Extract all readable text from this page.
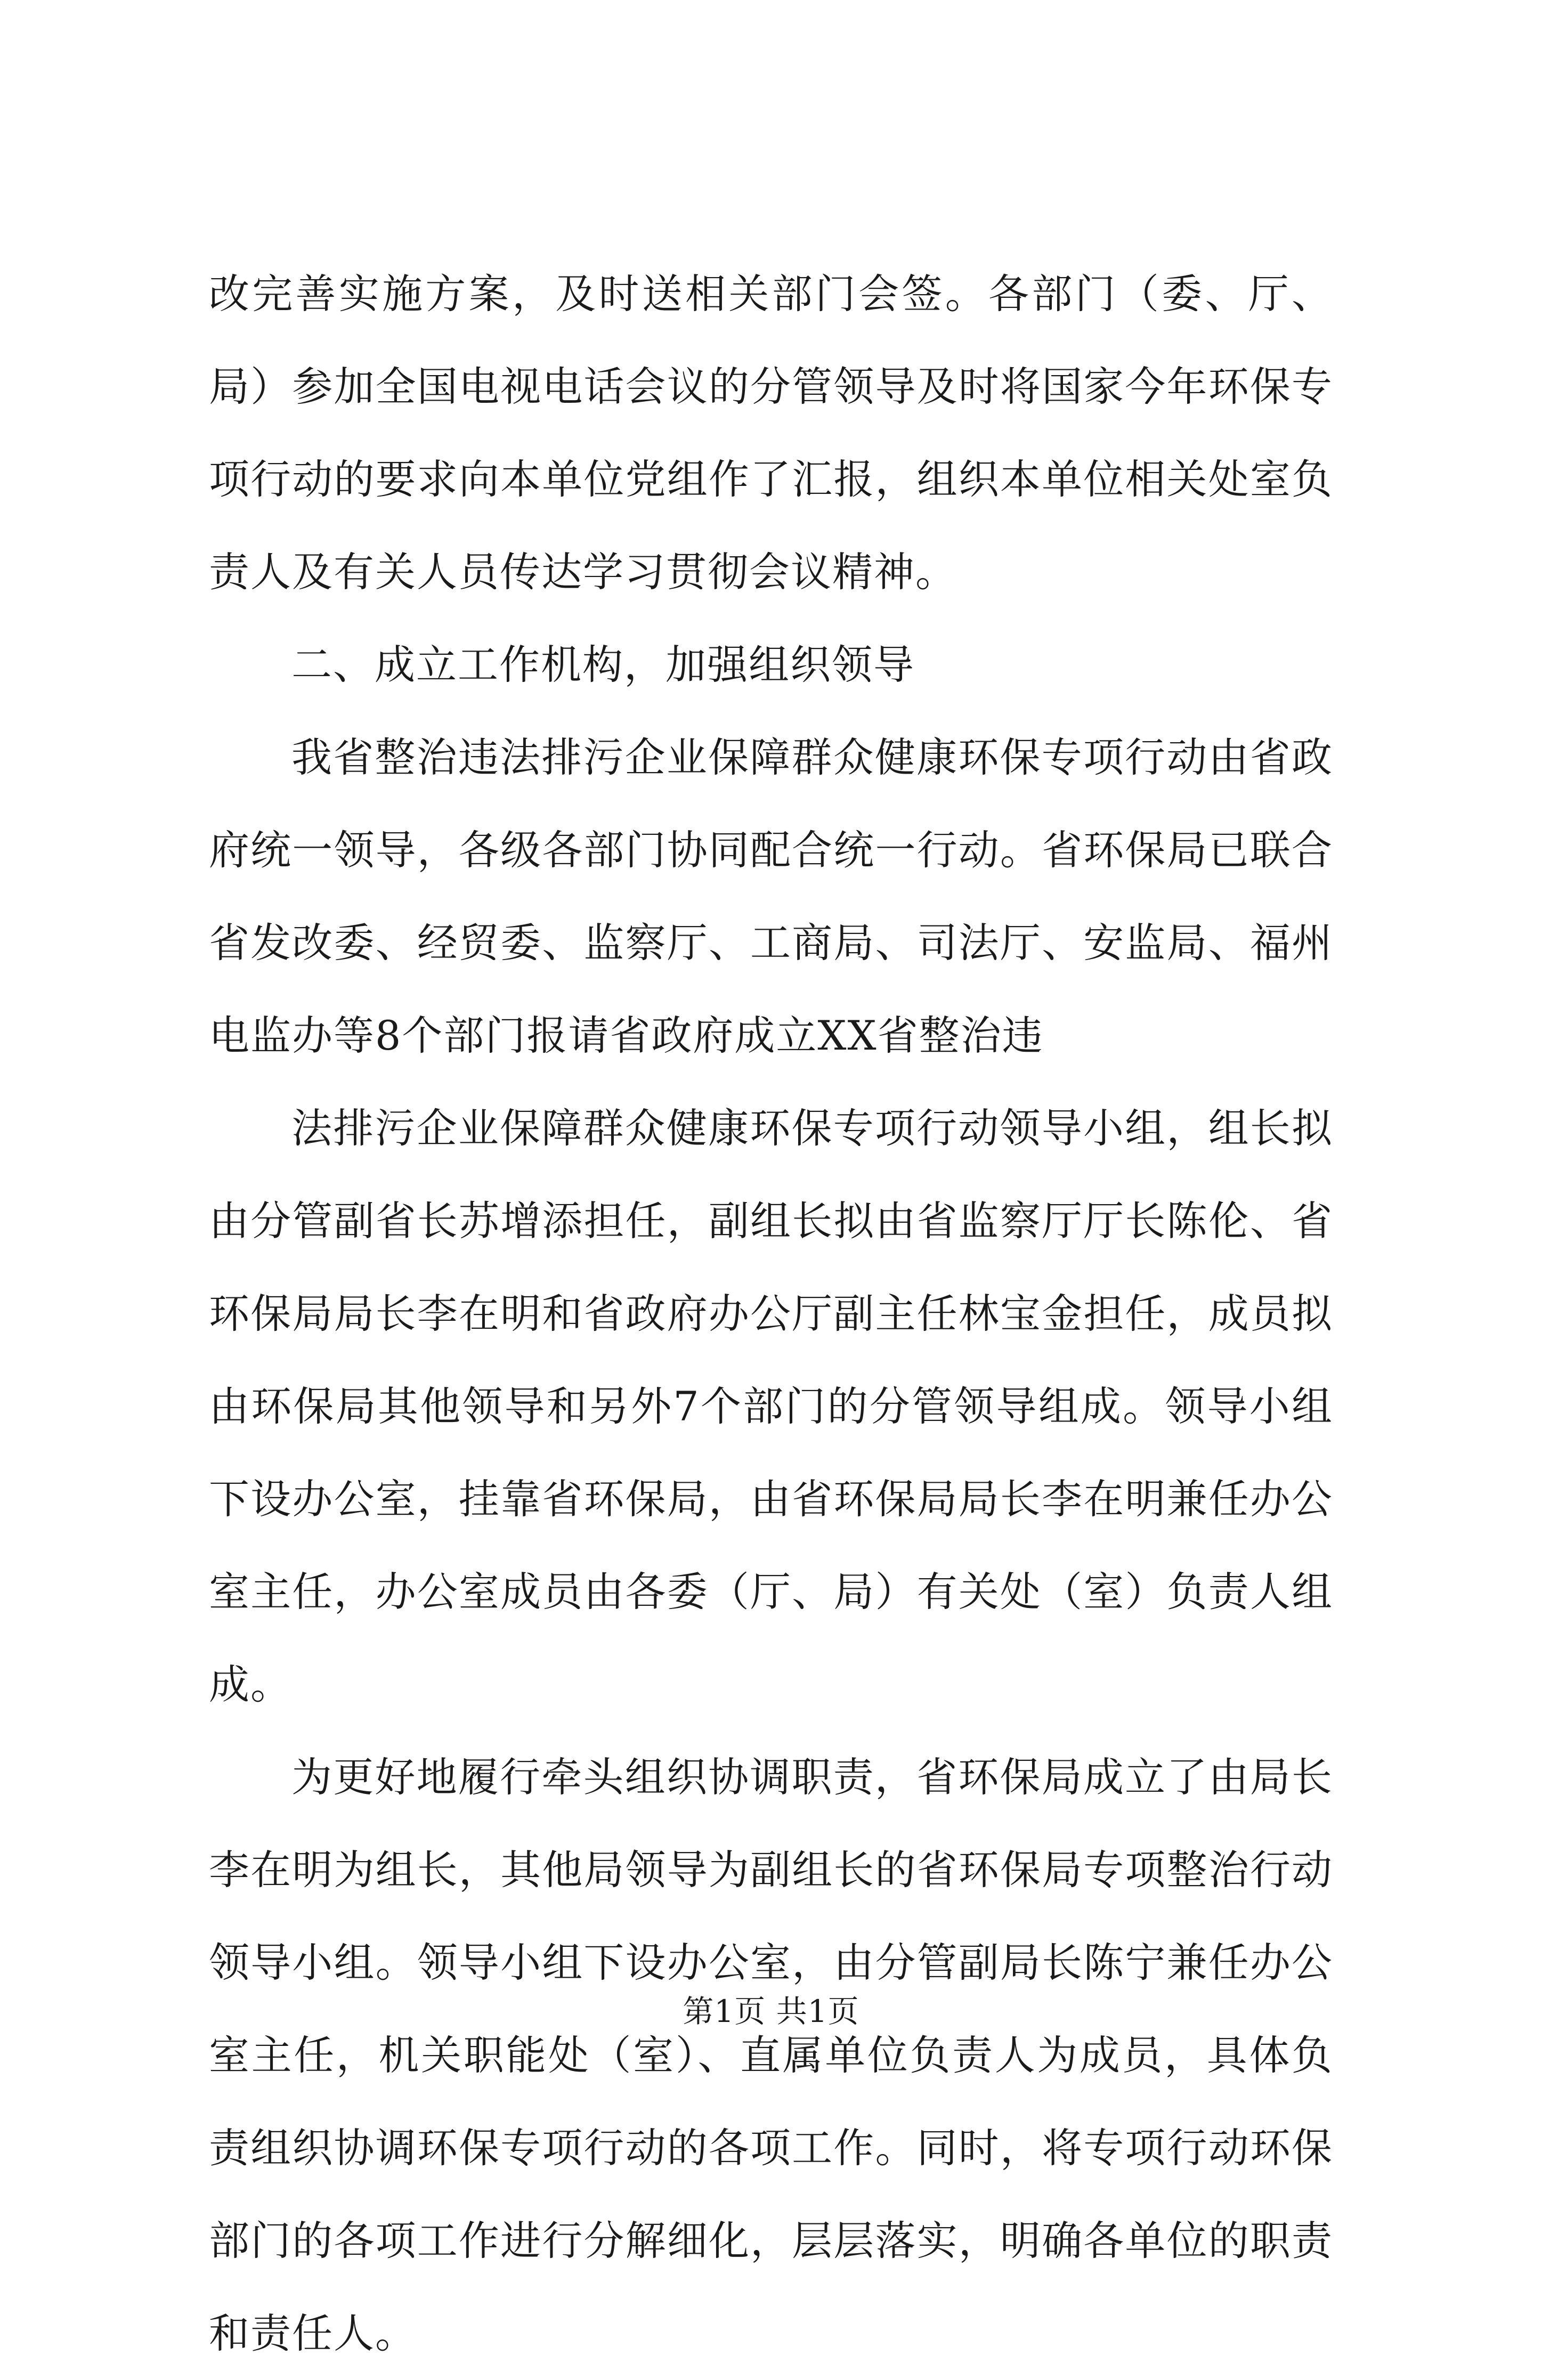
改完善实施方案，及时送相关部门会签。各部门（委、厅、局）参加全国电视电话会议的分管领导及时将国家今年环保专项行动的要求向本单位党组作了汇报，组织本单位相关处室负责人及有关人员传达学习贯彻会议精神。

二、成立工作机构，加强组织领导

我省整治违法排污企业保障群众健康环保专项行动由省政府统一领导，各级各部门协同配合统一行动。省环保局已联合省发改委、经贸委、监察厅、工商局、司法厅、安监局、福州电监办等8个部门报请省政府成立XX省整治违

法排污企业保障群众健康环保专项行动领导小组，组长拟由分管副省长苏增添担任，副组长拟由省监察厅厅长陈伦、省环保局局长李在明和省政府办公厅副主任林宝金担任，成员拟由环保局其他领导和另外7个部门的分管领导组成。领导小组下设办公室，挂靠省环保局，由省环保局局长李在明兼任办公室主任，办公室成员由各委（厅、局）有关处（室）负责人组成。

为更好地履行牵头组织协调职责，省环保局成立了由局长李在明为组长，其他局领导为副组长的省环保局专项整治行动领导小组。领导小组下设办公室，由分管副局长陈宁兼任办公室主任，机关职能处（室）、直属单位负责人为成员，具体负责组织协调环保专项行动的各项工作。同时，将专项行动环保部门的各项工作进行分解细化，层层落实，明确各单位的职责和责任人。

第1页 共1页
